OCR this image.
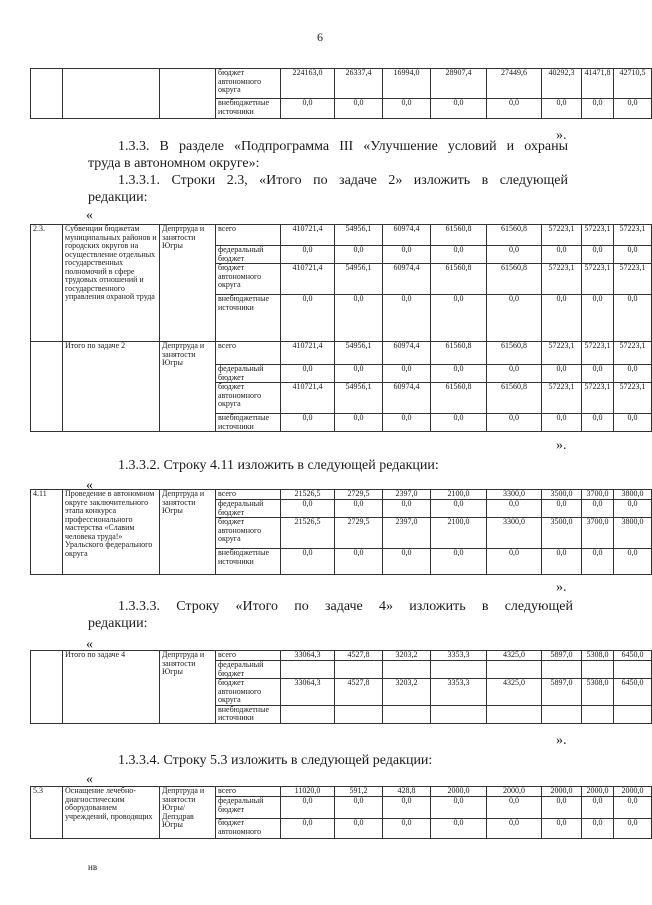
6
			бюджет автономного округа	224163,0	26337,4	16994,0	28907,4	27449,6	40292,3	41471,8	42710,5
			внебюджетные источники	0,0	0,0	0,0	0,0	0,0	0,0	0,0	0,0
».
1.3.3. В разделе «Подпрограмма III «Улучшение условий и охраны
труда в автономном округе»:
1.3.3.1. Строки 2.3, «Итого по задаче 2» изложить в следующей
редакции:
«
2.3.	Субвенции бюджетам муниципальных районов и городских округов на осуществление отдельных государственных полномочий в сфере трудовых отношений и государственного управления охраной труда	Депртруда и занятости Югры	всего	410721,4	54956,1	60974,4	61560,8	61560,8	57223,1	57223,1	57223,1
			федеральный бюджет	0,0	0,0	0,0	0,0	0,0	0,0	0,0	0,0
			бюджет автономного округа	410721,4	54956,1	60974,4	61560,8	61560,8	57223,1	57223,1	57223,1
			внебюджетные источники	0,0	0,0	0,0	0,0	0,0	0,0	0,0	0,0
	Итого по задаче 2	Депртруда и занятости Югры	всего	410721,4	54956,1	60974,4	61560,8	61560,8	57223,1	57223,1	57223,1
			федеральный бюджет	0,0	0,0	0,0	0,0	0,0	0,0	0,0	0,0
			бюджет автономного округа	410721,4	54956,1	60974,4	61560,8	61560,8	57223,1	57223,1	57223,1
			внебюджетные источники	0,0	0,0	0,0	0,0	0,0	0,0	0,0	0,0
».
1.3.3.2. Строку 4.11 изложить в следующей редакции:
«
4.11	Проведение в автономном округе заключительного этапа конкурса профессионального мастерства «Славим человека труда!» Уральского федерального округа	Депртруда и занятости Югры	всего	21526,5	2729,5	2397,0	2100,0	3300,0	3500,0	3700,0	3800,0
			федеральный бюджет	0,0	0,0	0,0	0,0	0,0	0,0	0,0	0,0
			бюджет автономного округа	21526,5	2729,5	2397,0	2100,0	3300,0	3500,0	3700,0	3800,0
			внебюджетные источники	0,0	0,0	0,0	0,0	0,0	0,0	0,0	0,0
».
1.3.3.3. Строку «Итого по задаче 4» изложить в следующей
редакции:
«
	Итого по задаче 4	Депртруда и занятости Югры	всего	33064,3	4527,8	3203,2	3353,3	4325,0	5897,0	5308,0	6450,0
			федеральный бюджет								
			бюджет автономного округа	33064,3	4527,8	3203,2	3353,3	4325,0	5897,0	5308,0	6450,0
			внебюджетные источники								
».
1.3.3.4. Строку 5.3 изложить в следующей редакции:
«
5.3	Оснащение лечебно-диагностическим оборудованием учреждений, проводящих	Депртруда и занятости Югры/Депздрав Югры	всего	11020,0	591,2	428,8	2000,0	2000,0	2000,0	2000,0	2000,0
			федеральный бюджет	0,0	0,0	0,0	0,0	0,0	0,0	0,0	0,0
			бюджет автономного	0,0	0,0	0,0	0,0	0,0	0,0	0,0	0,0
нв
